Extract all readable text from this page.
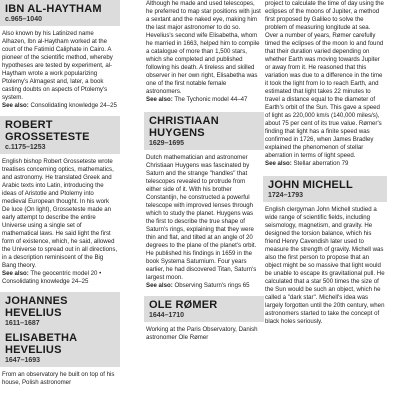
IBN AL-HAYTHAM
c.965–1040

Also known by his Latinized name Alhazen, Ibn al-Haytham worked at the court of the Fatimid Caliphate in Cairo. A pioneer of the scientific method, whereby hypotheses are tested by experiment, al-Haytham wrote a work popularizing Ptolemy's Almagest and, later, a book casting doubts on aspects of Ptolemy's system.
See also: Consolidating knowledge 24–25

ROBERT GROSSETESTE
c.1175–1253

English bishop Robert Grosseteste wrote treatises concerning optics, mathematics, and astronomy. He translated Greek and Arabic texts into Latin, introducing the ideas of Aristotle and Ptolemy into medieval European thought. In his work De luce (On light), Grosseteste made an early attempt to describe the entire Universe using a single set of mathematical laws. He said light the first form of existence, which, he said, allowed the Universe to spread out in all directions, in a description reminiscent of the Big Bang theory.
See also: The geocentric model 20 • Consolidating knowledge 24–25

JOHANNES HEVELIUS
1611–1687
ELISABETHA HEVELIUS
1647–1693

From an observatory he built on top of his house, Polish astronomer

Although he made and used telescopes, he preferred to map star positions with just a sextant and the naked eye, making him the last major astronomer to do so. Hevelius's second wife Elisabetha, whom he married in 1663, helped him to compile a catalogue of more than 1,500 stars, which she completed and published following his death. A tireless and skilled observer in her own right, Elisabetha was one of the first notable female astronomers.
See also: The Tychonic model 44–47

CHRISTIAAN HUYGENS
1629–1695

Dutch mathematician and astronomer Christiaan Huygens was fascinated by Saturn and the strange "handles" that telescopes revealed to protrude from either side of it. With his brother Constantijn, he constructed a powerful telescope with improved lenses through which to study the planet. Huygens was the first to describe the true shape of Saturn's rings, explaining that they were thin and flat, and tilted at an angle of 20 degrees to the plane of the planet's orbit. He published his findings in 1659 in the book Systema Saturnium. Four years earlier, he had discovered Titan, Saturn's largest moon.
See also: Observing Saturn's rings 65

OLE RØMER
1644–1710

Working at the Paris Observatory, Danish astronomer Ole Rømer

project to calculate the time of day using the eclipses of the moons of Jupiter, a method first proposed by Galileo to solve the problem of measuring longitude at sea. Over a number of years, Rømer carefully timed the eclipses of the moon Io and found that their duration varied depending on whether Earth was moving towards Jupiter or away from it. He reasoned that this variation was due to a difference in the time it took the light from Io to reach Earth, and estimated that light takes 22 minutes to travel a distance equal to the diameter of Earth's orbit of the Sun. This gave a speed of light as 220,000 km/s (140,000 miles/s), about 75 per cent of its true value. Rømer's finding that light has a finite speed was confirmed in 1726, when James Bradley explained the phenomenon of stellar aberration in terms of light speed.
See also: Stellar aberration 79

JOHN MICHELL
1724–1793

English clergyman John Michell studied a wide range of scientific fields, including seismology, magnetism, and gravity. He designed the torsion balance, which his friend Henry Cavendish later used to measure the strength of gravity. Michell was also the first person to propose that an object might be so massive that light would be unable to escape its gravitational pull. He calculated that a star 500 times the size of the Sun would be such an object, which he called a "dark star". Michell's idea was largely forgotten until the 20th century, when astronomers started to take the concept of black holes seriously.
